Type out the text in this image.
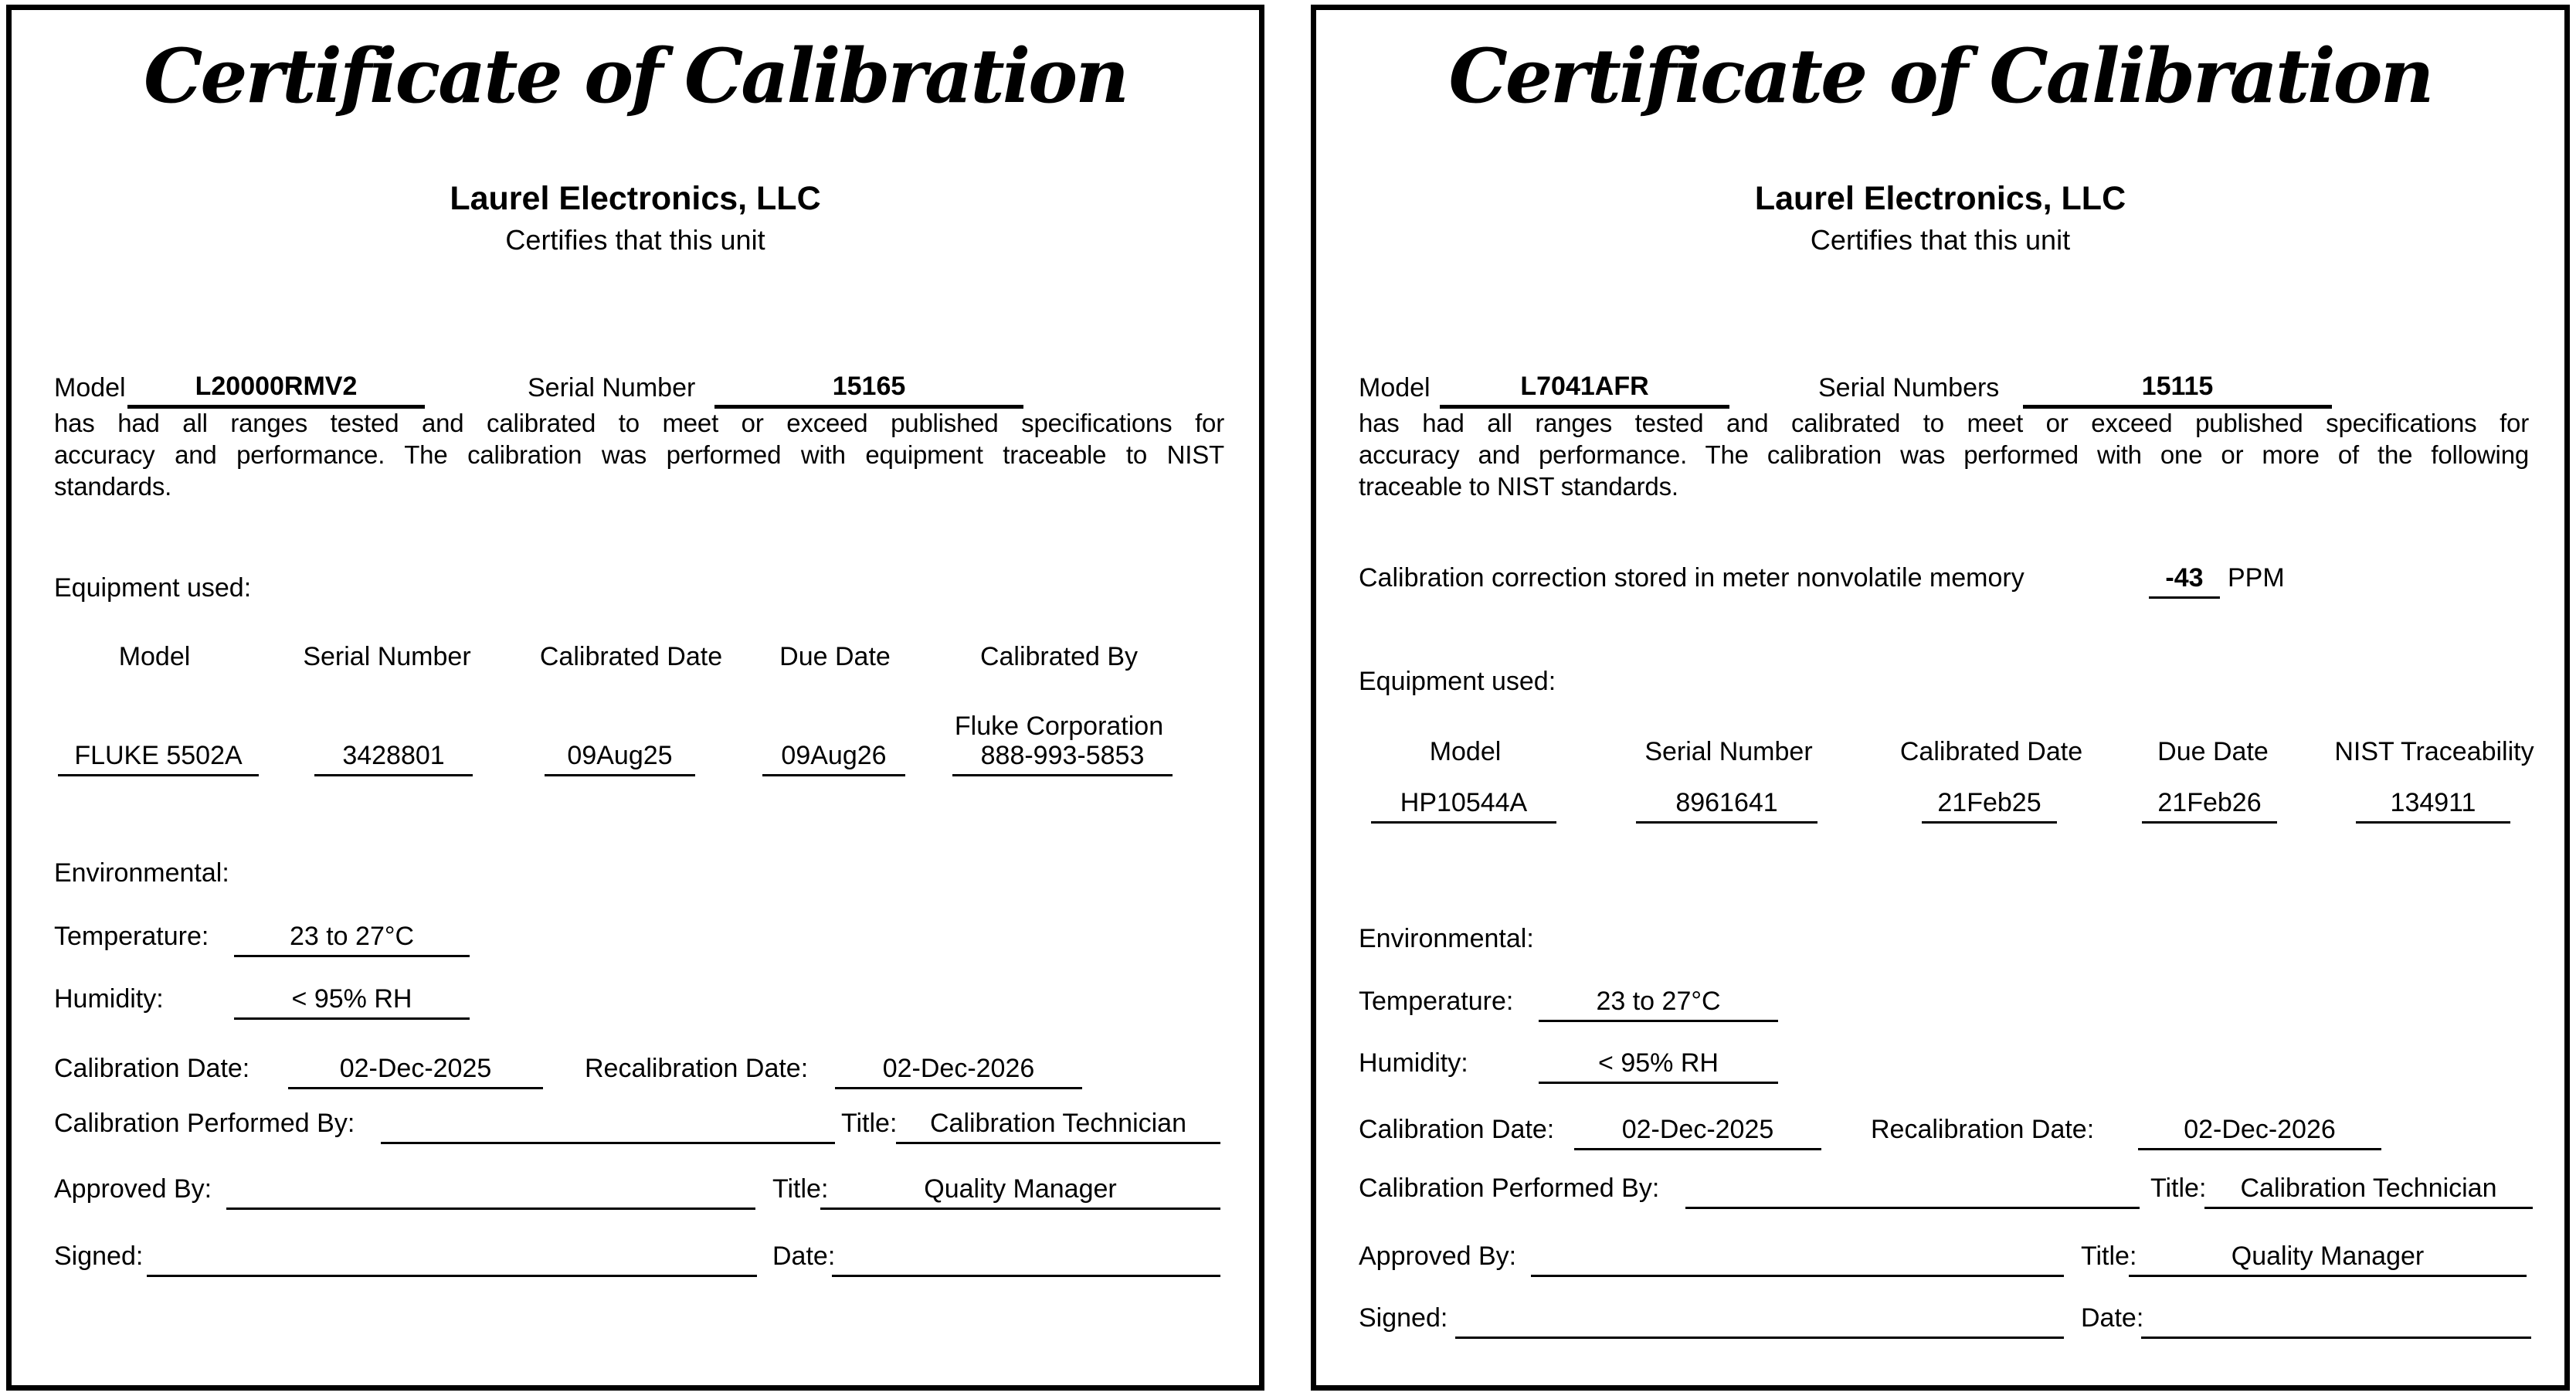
Certificate of Calibration
Laurel Electronics, LLC
Certifies that this unit
Model	L20000RMV2	Serial Number	15165
has had all ranges tested and calibrated to meet or exceed published specifications for
accuracy and performance. The calibration was performed with equipment traceable to NIST
standards.
Equipment used:
Model	Serial Number	Calibrated Date	Due Date	Calibrated By
Fluke Corporation
FLUKE 5502A	3428801	09Aug25	09Aug26	888-993-5853
Environmental:
Temperature:	23 to 27°C
Humidity:	< 95% RH
Calibration Date:	02-Dec-2025	Recalibration Date:	02-Dec-2026
Calibration Performed By:	Title:	Calibration Technician
Approved By:	Title:	Quality Manager
Signed:	Date:
Certificate of Calibration
Laurel Electronics, LLC
Certifies that this unit
Model	L7041AFR	Serial Numbers	15115
has had all ranges tested and calibrated to meet or exceed published specifications for
accuracy and performance. The calibration was performed with one or more of the following
traceable to NIST standards.
Calibration correction stored in meter nonvolatile memory	-43 PPM
Equipment used:
Model	Serial Number	Calibrated Date	Due Date	NIST Traceability
HP10544A	8961641	21Feb25	21Feb26	134911
Environmental:
Temperature:	23 to 27°C
Humidity:	< 95% RH
Calibration Date:	02-Dec-2025	Recalibration Date:	02-Dec-2026
Calibration Performed By:	Title:	Calibration Technician
Approved By:	Title:	Quality Manager
Signed:	Date:
